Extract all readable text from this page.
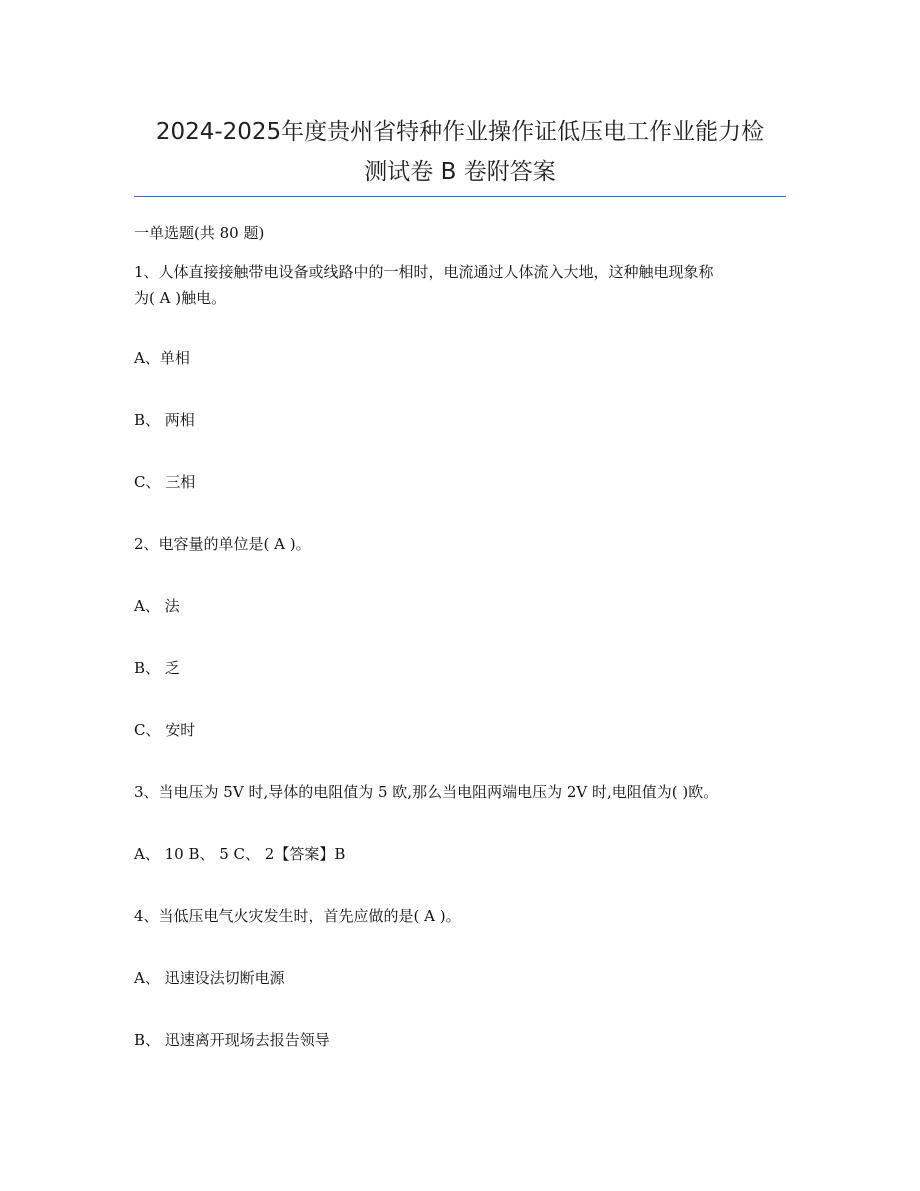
2024-2025年度贵州省特种作业操作证低压电工作业能力检
测试卷 B 卷附答案
一单选题(共 80 题)
1、人体直接接触带电设备或线路中的一相时，电流通过人体流入大地，这种触电现象称
为( A )触电。
A、单相
B、 两相
C、 三相
2、电容量的单位是( A )。
A、 法
B、 乏
C、 安时
3、当电压为 5V 时,导体的电阻值为 5 欧,那么当电阻两端电压为 2V 时,电阻值为( )欧。
A、 10 B、 5 C、 2【答案】B
4、当低压电气火灾发生时，首先应做的是( A )。
A、 迅速设法切断电源
B、 迅速离开现场去报告领导
